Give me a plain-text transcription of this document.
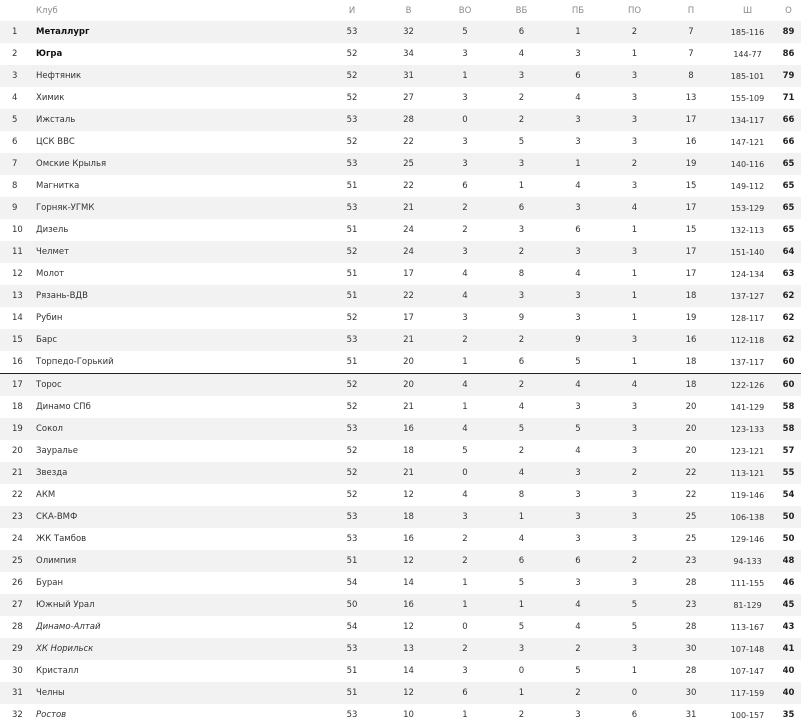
	Клуб	И	В	ВО	ВБ	ПБ	ПО	П	Ш	О
1	Металлург	53	32	5	6	1	2	7	185-116	89
2	Югра	52	34	3	4	3	1	7	144-77	86
3	Нефтяник	52	31	1	3	6	3	8	185-101	79
4	Химик	52	27	3	2	4	3	13	155-109	71
5	Ижсталь	53	28	0	2	3	3	17	134-117	66
6	ЦСК ВВС	52	22	3	5	3	3	16	147-121	66
7	Омские Крылья	53	25	3	3	1	2	19	140-116	65
8	Магнитка	51	22	6	1	4	3	15	149-112	65
9	Горняк-УГМК	53	21	2	6	3	4	17	153-129	65
10	Дизель	51	24	2	3	6	1	15	132-113	65
11	Челмет	52	24	3	2	3	3	17	151-140	64
12	Молот	51	17	4	8	4	1	17	124-134	63
13	Рязань-ВДВ	51	22	4	3	3	1	18	137-127	62
14	Рубин	52	17	3	9	3	1	19	128-117	62
15	Барс	53	21	2	2	9	3	16	112-118	62
16	Торпедо-Горький	51	20	1	6	5	1	18	137-117	60
17	Торос	52	20	4	2	4	4	18	122-126	60
18	Динамо СПб	52	21	1	4	3	3	20	141-129	58
19	Сокол	53	16	4	5	5	3	20	123-133	58
20	Зауралье	52	18	5	2	4	3	20	123-121	57
21	Звезда	52	21	0	4	3	2	22	113-121	55
22	АКМ	52	12	4	8	3	3	22	119-146	54
23	СКА-ВМФ	53	18	3	1	3	3	25	106-138	50
24	ЖК Тамбов	53	16	2	4	3	3	25	129-146	50
25	Олимпия	51	12	2	6	6	2	23	94-133	48
26	Буран	54	14	1	5	3	3	28	111-155	46
27	Южный Урал	50	16	1	1	4	5	23	81-129	45
28	Динамо-Алтай	54	12	0	5	4	5	28	113-167	43
29	ХК Норильск	53	13	2	3	2	3	30	107-148	41
30	Кристалл	51	14	3	0	5	1	28	107-147	40
31	Челны	51	12	6	1	2	0	30	117-159	40
32	Ростов	53	10	1	2	3	6	31	100-157	35
